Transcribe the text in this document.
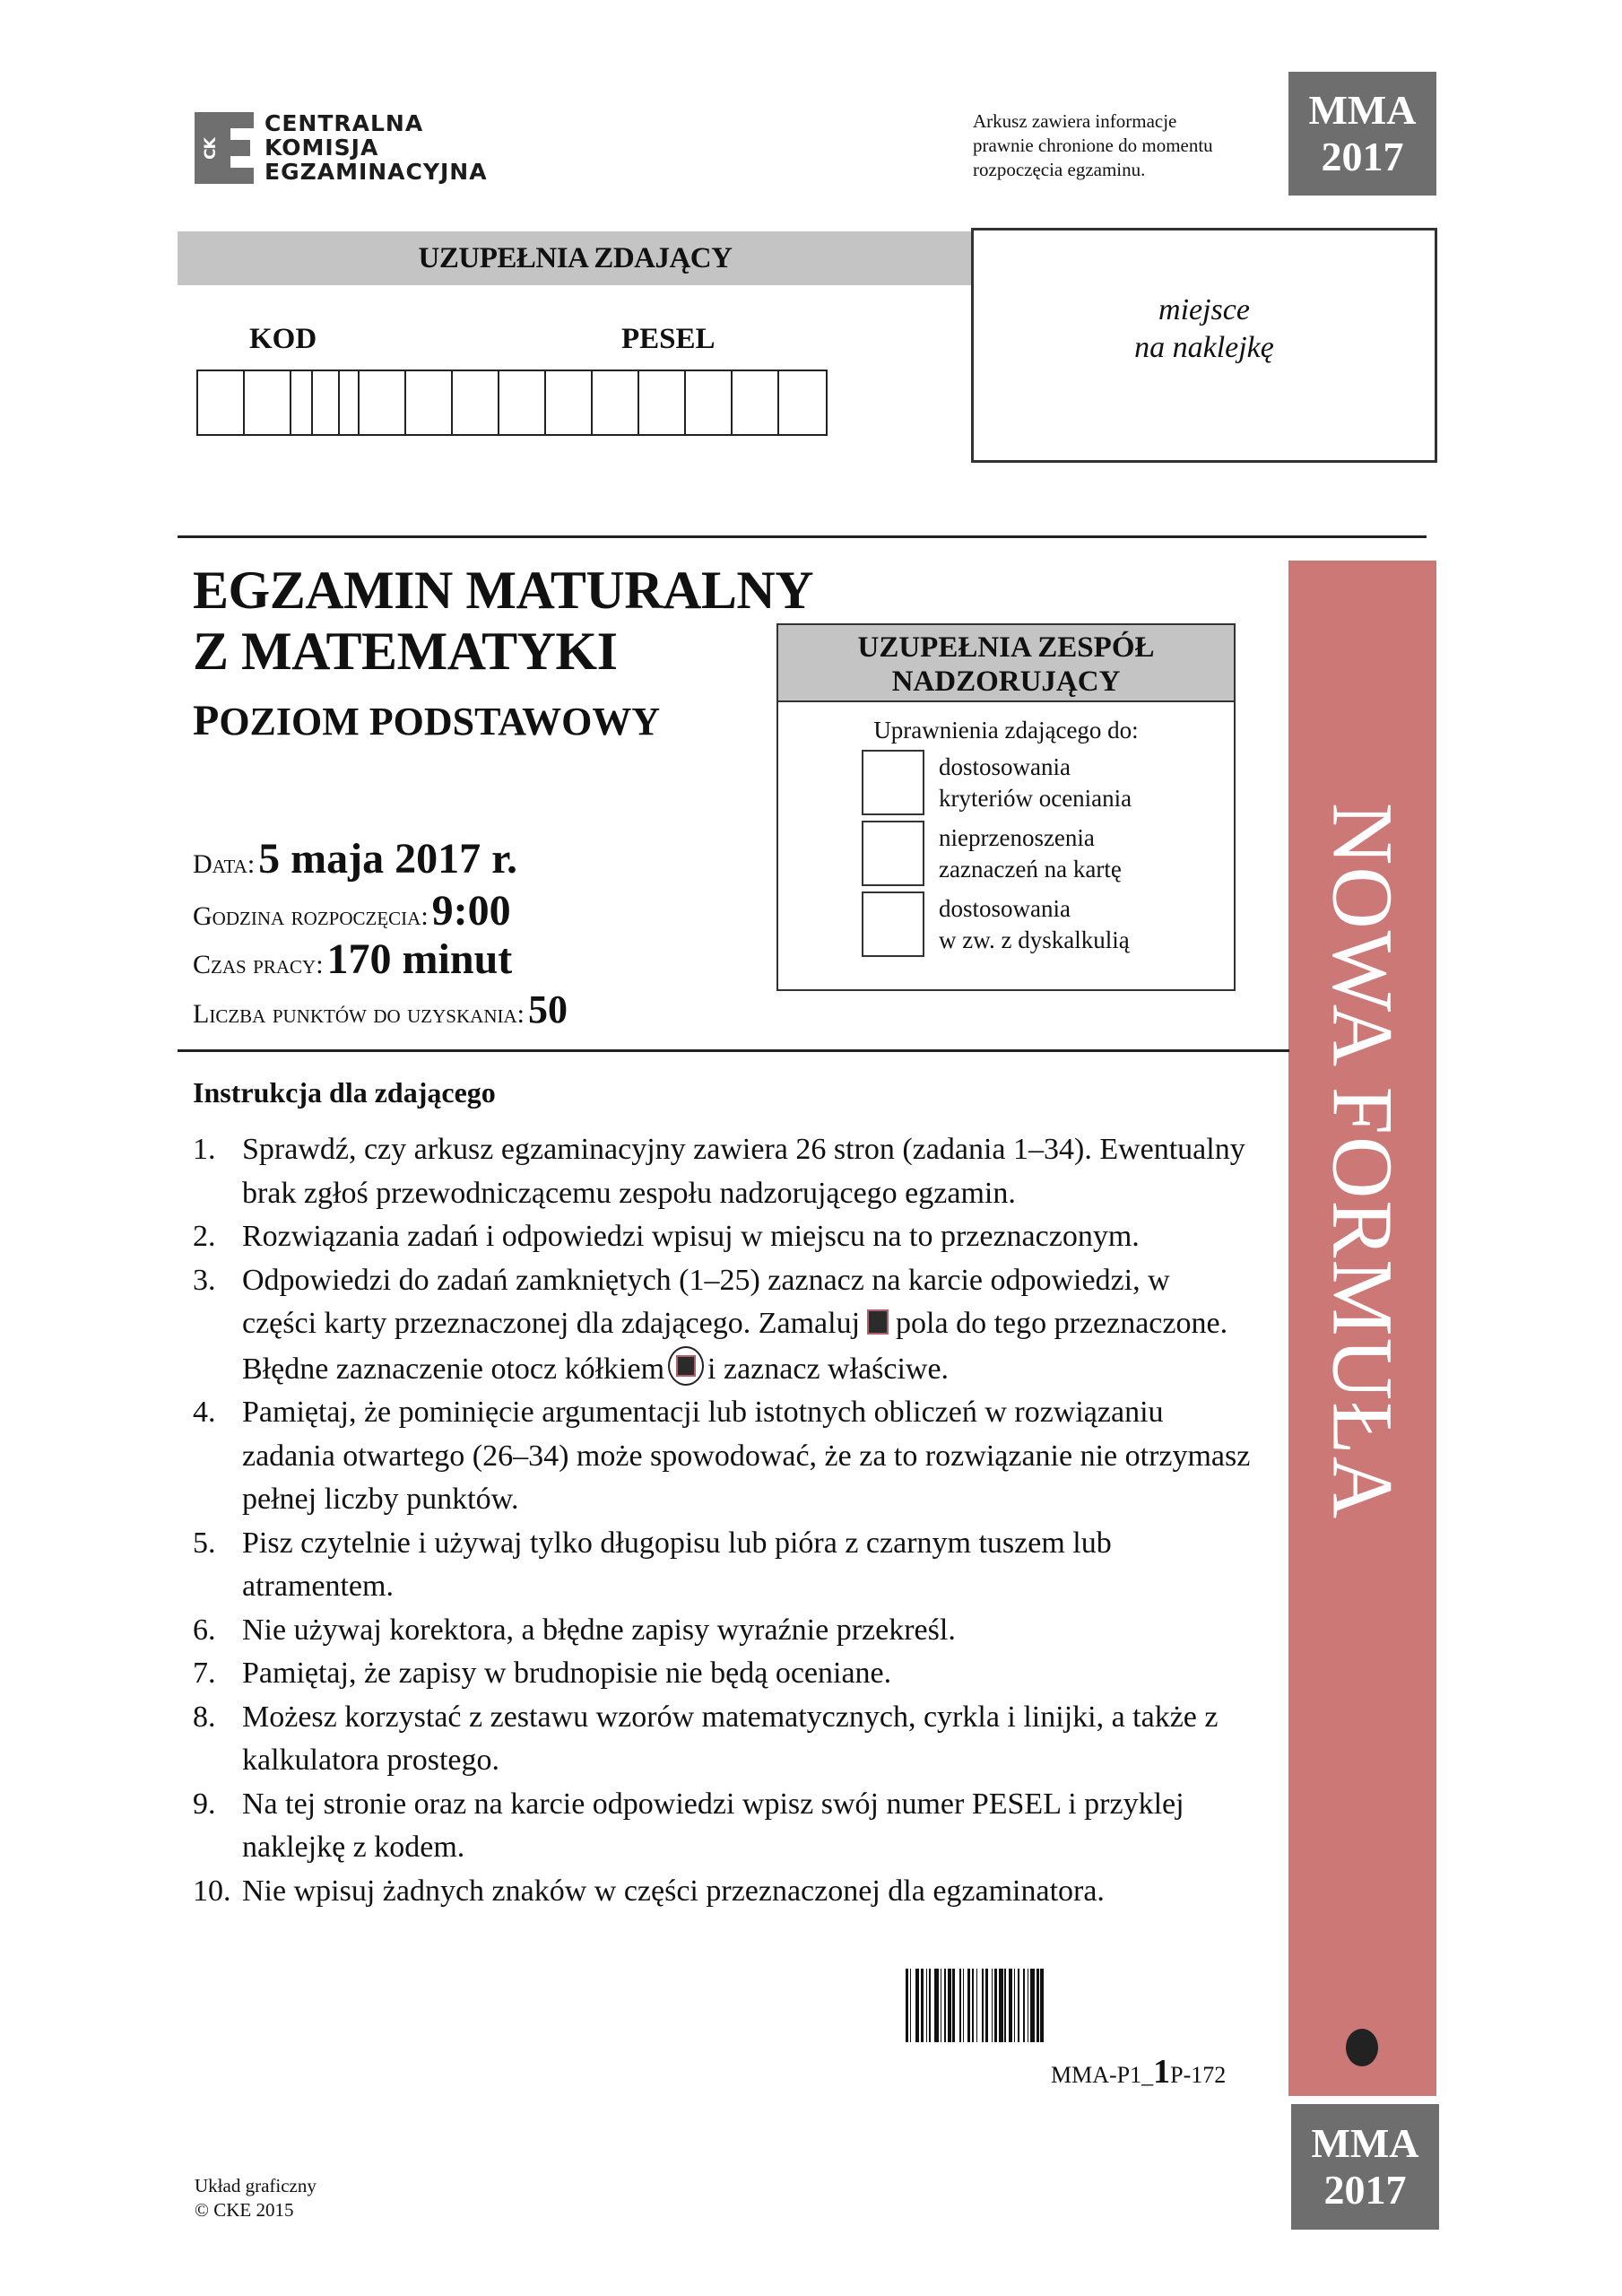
CK
CENTRALNA
KOMISJA
EGZAMINACYJNA
Arkusz zawiera informacje
prawnie chronione do momentu
rozpoczęcia egzaminu.
MMA
2017
UZUPEŁNIA ZDAJĄCY
KOD	PESEL
miejsce
na naklejkę
EGZAMIN MATURALNY
Z MATEMATYKI
POZIOM PODSTAWOWY
Data: 5 maja 2017 r.
Godzina rozpoczęcia: 9:00
Czas pracy: 170 minut
Liczba punktów do uzyskania: 50
UZUPEŁNIA ZESPÓŁ
NADZORUJĄCY
Uprawnienia zdającego do:
dostosowania
kryteriów oceniania
nieprzenoszenia
zaznaczeń na kartę
dostosowania
w zw. z dyskalkulią NOWA FORMUŁA
Instrukcja dla zdającego
1. Sprawdź, czy arkusz egzaminacyjny zawiera 26 stron (zadania 1–34). Ewentualny brak zgłoś przewodniczącemu zespołu nadzorującego egzamin.
2. Rozwiązania zadań i odpowiedzi wpisuj w miejscu na to przeznaczonym.
3. Odpowiedzi do zadań zamkniętych (1–25) zaznacz na karcie odpowiedzi, w części karty przeznaczonej dla zdającego. Zamaluj pola do tego przeznaczone. Błędne zaznaczenie otocz kółkiem i zaznacz właściwe.
4. Pamiętaj, że pominięcie argumentacji lub istotnych obliczeń w rozwiązaniu zadania otwartego (26–34) może spowodować, że za to rozwiązanie nie otrzymasz pełnej liczby punktów.
5. Pisz czytelnie i używaj tylko długopisu lub pióra z czarnym tuszem lub atramentem.
6. Nie używaj korektora, a błędne zapisy wyraźnie przekreśl.
7. Pamiętaj, że zapisy w brudnopisie nie będą oceniane.
8. Możesz korzystać z zestawu wzorów matematycznych, cyrkla i linijki, a także z kalkulatora prostego.
9. Na tej stronie oraz na karcie odpowiedzi wpisz swój numer PESEL i przyklej naklejkę z kodem.
10. Nie wpisuj żadnych znaków w części przeznaczonej dla egzaminatora.
MMA-P1_1P-172
Układ graficzny
© CKE 2015
MMA
2017
